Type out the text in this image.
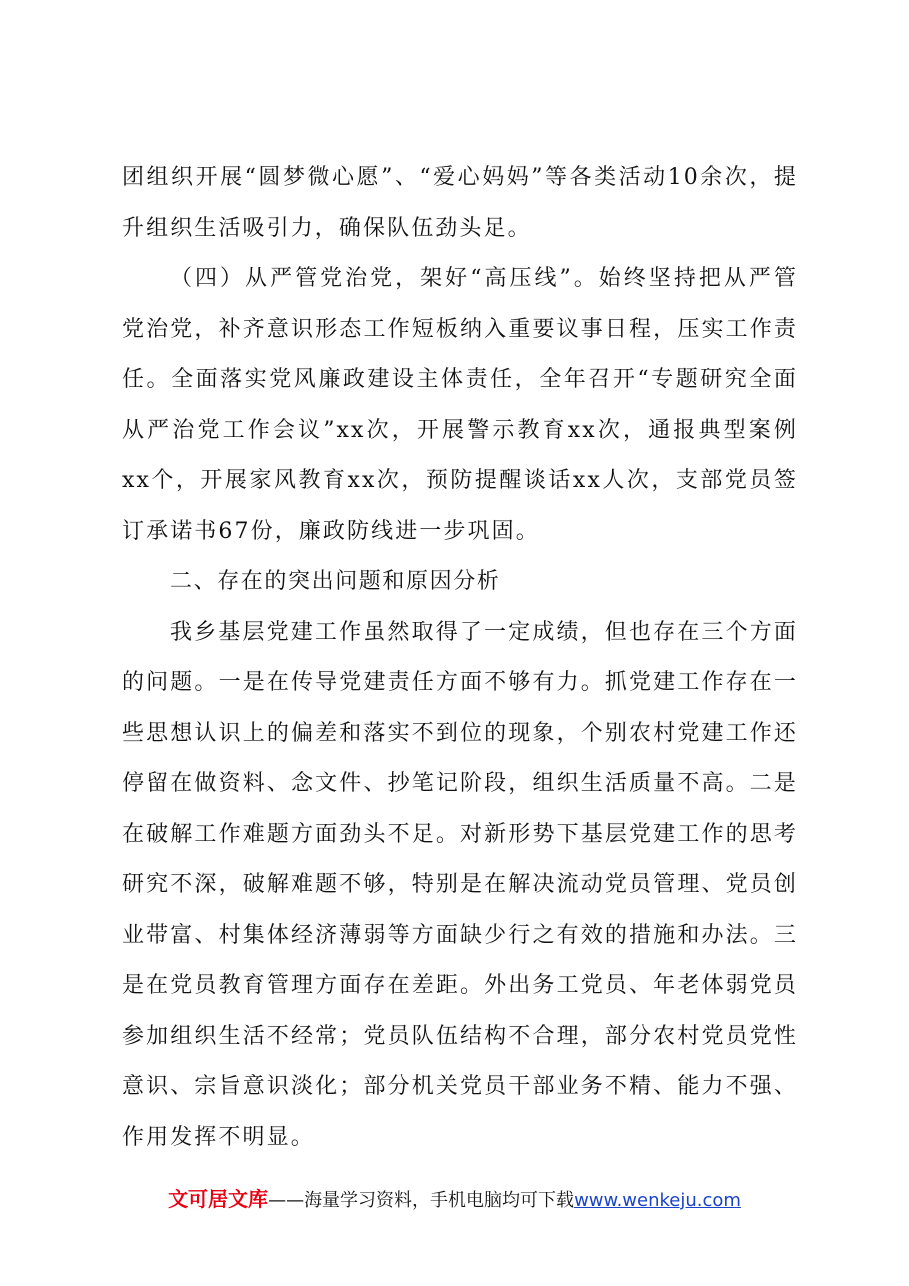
团组织开展“圆梦微心愿”、“爱心妈妈”等各类活动10余次，提升组织生活吸引力，确保队伍劲头足。

（四）从严管党治党，架好“高压线”。始终坚持把从严管党治党，补齐意识形态工作短板纳入重要议事日程，压实工作责任。全面落实党风廉政建设主体责任，全年召开“专题研究全面从严治党工作会议”xx次，开展警示教育xx次，通报典型案例xx个，开展家风教育xx次，预防提醒谈话xx人次，支部党员签订承诺书67份，廉政防线进一步巩固。

二、存在的突出问题和原因分析

我乡基层党建工作虽然取得了一定成绩，但也存在三个方面的问题。一是在传导党建责任方面不够有力。抓党建工作存在一些思想认识上的偏差和落实不到位的现象，个别农村党建工作还停留在做资料、念文件、抄笔记阶段，组织生活质量不高。二是在破解工作难题方面劲头不足。对新形势下基层党建工作的思考研究不深，破解难题不够，特别是在解决流动党员管理、党员创业带富、村集体经济薄弱等方面缺少行之有效的措施和办法。三是在党员教育管理方面存在差距。外出务工党员、年老体弱党员参加组织生活不经常；党员队伍结构不合理，部分农村党员党性意识、宗旨意识淡化；部分机关党员干部业务不精、能力不强、作用发挥不明显。

文可居文库——海量学习资料，手机电脑均可下载www.wenkeju.com
